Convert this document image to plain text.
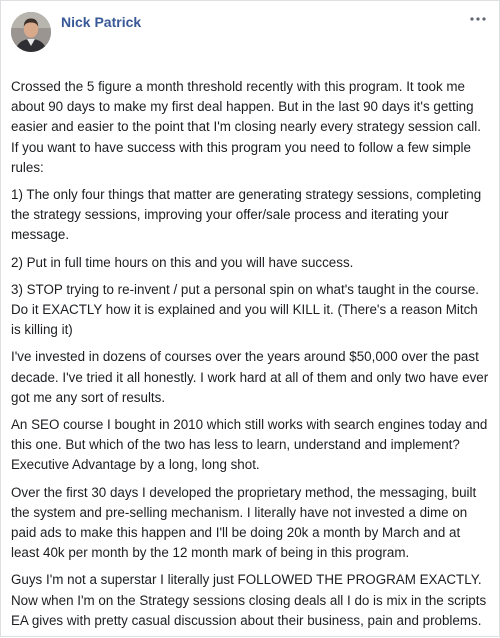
Nick Patrick

Crossed the 5 figure a month threshold recently with this program. It took me about 90 days to make my first deal happen. But in the last 90 days it's getting easier and easier to the point that I'm closing nearly every strategy session call. If you want to have success with this program you need to follow a few simple rules:

1) The only four things that matter are generating strategy sessions, completing the strategy sessions, improving your offer/sale process and iterating your message.

2) Put in full time hours on this and you will have success.

3) STOP trying to re-invent / put a personal spin on what's taught in the course. Do it EXACTLY how it is explained and you will KILL it. (There's a reason Mitch is killing it)

I've invested in dozens of courses over the years around $50,000 over the past decade. I've tried it all honestly. I work hard at all of them and only two have ever got me any sort of results.

An SEO course I bought in 2010 which still works with search engines today and this one. But which of the two has less to learn, understand and implement? Executive Advantage by a long, long shot.

Over the first 30 days I developed the proprietary method, the messaging, built the system and pre-selling mechanism. I literally have not invested a dime on paid ads to make this happen and I'll be doing 20k a month by March and at least 40k per month by the 12 month mark of being in this program.

Guys I'm not a superstar I literally just FOLLOWED THE PROGRAM EXACTLY. Now when I'm on the Strategy sessions closing deals all I do is mix in the scripts EA gives with pretty casual discussion about their business, pain and problems.
